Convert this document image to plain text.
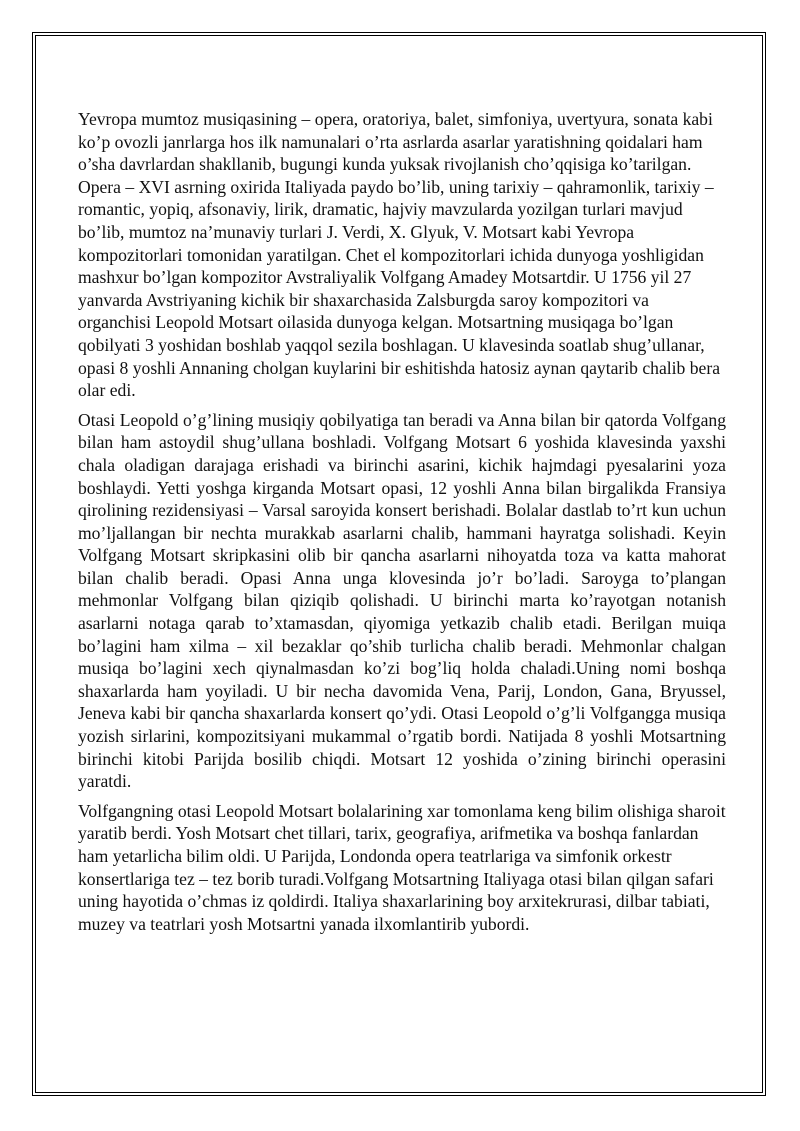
Yevropa mumtoz musiqasining – opera, oratoriya, balet, simfoniya, uvertyura, sonata kabi ko’p ovozli janrlarga hos ilk namunalari o’rta asrlarda asarlar yaratishning qoidalari ham o’sha davrlardan shakllanib, bugungi kunda yuksak rivojlanish cho’qqisiga ko’tarilgan.

Opera – XVI asrning oxirida Italiyada paydo bo’lib, uning tarixiy – qahramonlik, tarixiy – romantic, yopiq, afsonaviy, lirik, dramatic, hajviy mavzularda yozilgan turlari mavjud bo’lib, mumtoz na’munaviy turlari J. Verdi, X. Glyuk, V. Motsart kabi Yevropa kompozitorlari tomonidan yaratilgan. Chet el kompozitorlari ichida dunyoga yoshligidan mashxur bo’lgan kompozitor Avstraliyalik Volfgang Amadey Motsartdir. U 1756 yil 27 yanvarda Avstriyaning kichik bir shaxarchasida Zalsburgda saroy kompozitori va organchisi Leopold Motsart oilasida dunyoga kelgan. Motsartning musiqaga bo’lgan qobilyati 3 yoshidan boshlab yaqqol sezila boshlagan. U klavesinda soatlab shug’ullanar, opasi 8 yoshli Annaning cholgan kuylarini bir eshitishda hatosiz aynan qaytarib chalib bera olar edi.

Otasi Leopold o’g’lining musiqiy qobilyatiga tan beradi va Anna bilan bir qatorda Volfgang bilan ham astoydil shug’ullana boshladi. Volfgang Motsart 6 yoshida klavesinda yaxshi chala oladigan darajaga erishadi va birinchi asarini, kichik hajmdagi pyesalarini yoza boshlaydi. Yetti yoshga kirganda Motsart opasi, 12 yoshli Anna bilan birgalikda Fransiya qirolining rezidensiyasi – Varsal saroyida konsert berishadi. Bolalar dastlab to’rt kun uchun mo’ljallangan bir nechta murakkab asarlarni chalib, hammani hayratga solishadi. Keyin Volfgang Motsart skripkasini olib bir qancha asarlarni nihoyatda toza va katta mahorat bilan chalib beradi. Opasi Anna unga klovesinda jo’r bo’ladi. Saroyga to’plangan mehmonlar Volfgang bilan qiziqib qolishadi. U birinchi marta ko’rayotgan notanish asarlarni notaga qarab to’xtamasdan, qiyomiga yetkazib chalib etadi. Berilgan muiqa bo’lagini ham xilma – xil bezaklar qo’shib turlicha chalib beradi. Mehmonlar chalgan musiqa bo’lagini xech qiynalmasdan ko’zi bog’liq holda chaladi.Uning nomi boshqa shaxarlarda ham yoyiladi. U bir necha davomida Vena, Parij, London, Gana, Bryussel, Jeneva kabi bir qancha shaxarlarda konsert qo’ydi. Otasi Leopold o’g’li Volfgangga musiqa yozish sirlarini, kompozitsiyani mukammal o’rgatib bordi. Natijada 8 yoshli Motsartning birinchi kitobi Parijda bosilib chiqdi. Motsart 12 yoshida o’zining birinchi operasini yaratdi.

Volfgangning otasi Leopold Motsart bolalarining xar tomonlama keng bilim olishiga sharoit yaratib berdi. Yosh Motsart chet tillari, tarix, geografiya, arifmetika va boshqa fanlardan ham yetarlicha bilim oldi. U Parijda, Londonda opera teatrlariga va simfonik orkestr konsertlariga tez – tez borib turadi.Volfgang Motsartning Italiyaga otasi bilan qilgan safari uning hayotida o’chmas iz qoldirdi. Italiya shaxarlarining boy arxitekrurasi, dilbar tabiati, muzey va teatrlari yosh Motsartni yanada ilxomlantirib yubordi.
